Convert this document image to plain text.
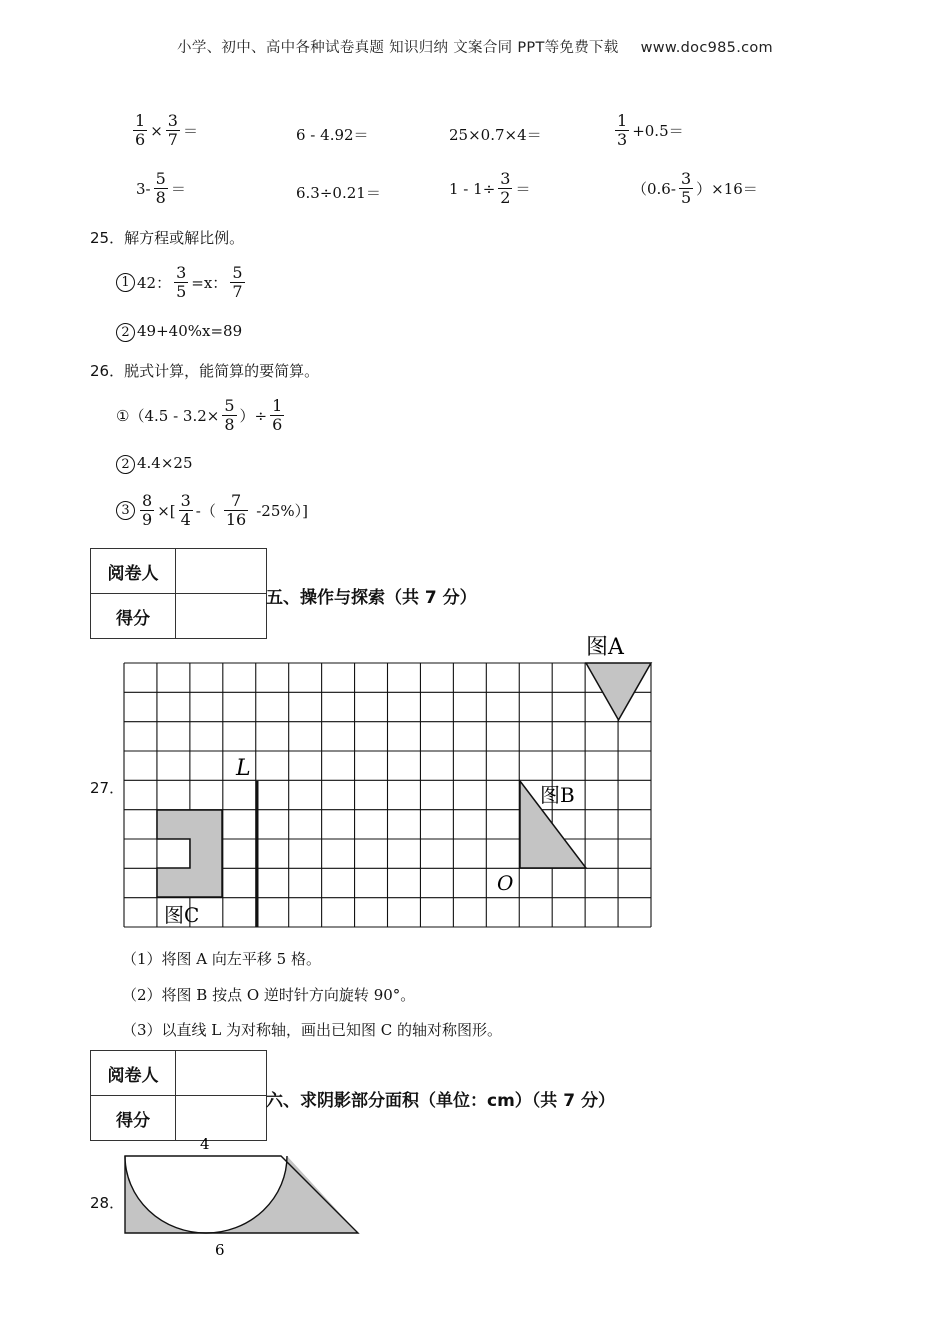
小学、初中、高中各种试卷真题 知识归纳 文案合同 PPT等免费下载 www.doc985.com
$\frac{1}{6} \times \frac{3}{7}$ ＝	6 - 4.92＝	25×0.7×4＝	$\frac{1}{3} +0.5=$
$3- \frac{5}{8}$ ＝	6.3÷0.21＝	$1 - 1\div \frac{3}{2}$ ＝	$(0.6- \frac{3}{5} )\times 16=$
25．解方程或解比例。
1 42： $\frac{3}{5} =x$： $\frac{5}{7}$
2 49+40%x=89
26．脱式计算，能简算的要简算。
① （$4.5 - 3.2\times \frac{5}{8}$ ）÷ $\frac{1}{6}$
2 4.4×25
$3 \frac{8}{9}$ ×[ $\frac{3}{4}$ -（ $\frac{7}{16} -25\%$）]
阅卷人	
得分	
五、操作与探索（共 7 分）
27．
图A
图B
图C
L
O
（1）将图 A 向左平移 5 格。
（2）将图 B 按点 O 逆时针方向旋转 90°。
（3）以直线 L 为对称轴，画出已知图 C 的轴对称图形。
阅卷人	
得分	
六、求阴影部分面积（单位：cm）（共 7 分）
28．
4
6
